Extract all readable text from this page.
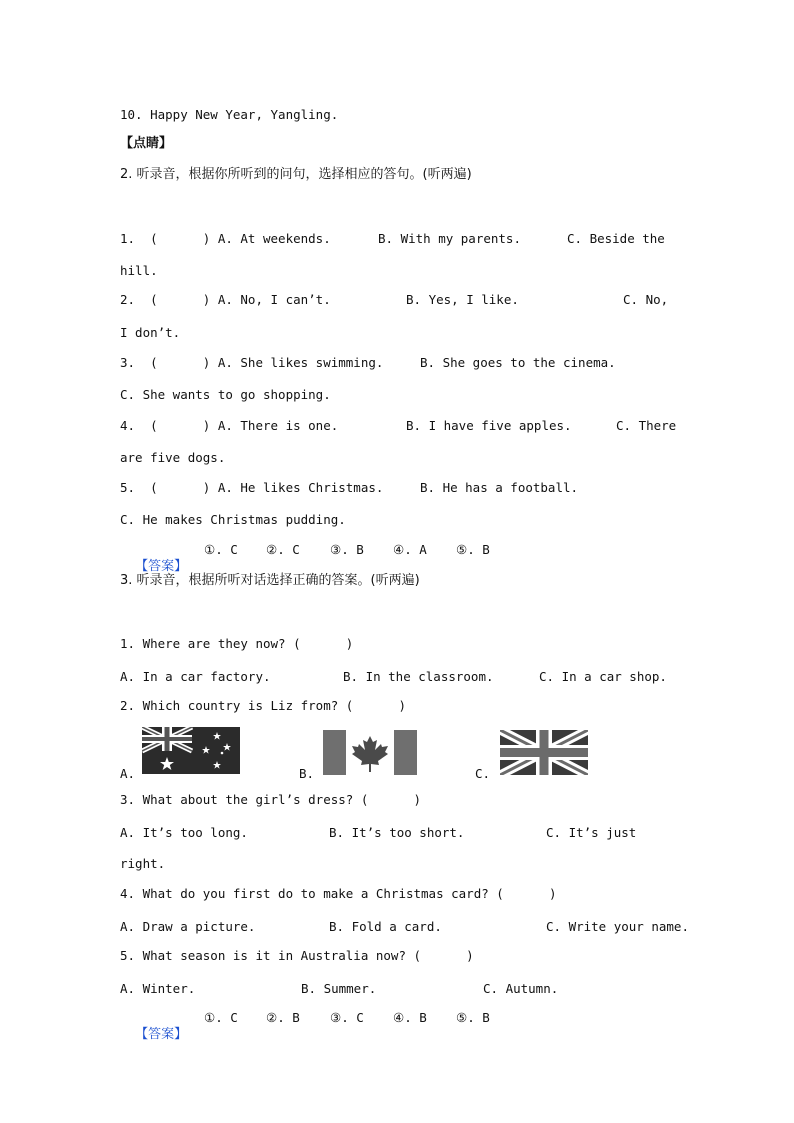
10. Happy New Year, Yangling.
【点睛】
2. 听录音，根据你所听到的问句，选择相应的答句。(听两遍)
1.  (      ) A. At weekends.	B. With my parents.	C. Beside the
hill.
2.  (      ) A. No, I can’t.	B. Yes, I like.	C. No,
I don’t.
3.  (      ) A. She likes swimming.	B. She goes to the cinema.
C. She wants to go shopping.
4.  (      ) A. There is one.	B. I have five apples.	C. There
are five dogs.
5.  (      ) A. He likes Christmas.	B. He has a football.
C. He makes Christmas pudding.

【答案】

①. C ②. C ③. B ④. A ⑤. B
3. 听录音，根据所听对话选择正确的答案。(听两遍)
1. Where are they now? (      )
A. In a car factory.	B. In the classroom.	C. In a car shop.
2. Which country is Liz from? (      )
A.	B.	C.
3. What about the girl’s dress? (      )
A. It’s too long.	B. It’s too short.	C. It’s just
right.
4. What do you first do to make a Christmas card? (      )
A. Draw a picture.	B. Fold a card.	C. Write your name.
5. What season is it in Australia now? (      )
A. Winter.	B. Summer.	C. Autumn.

【答案】

①. C ②. B ③. C ④. B ⑤. B
